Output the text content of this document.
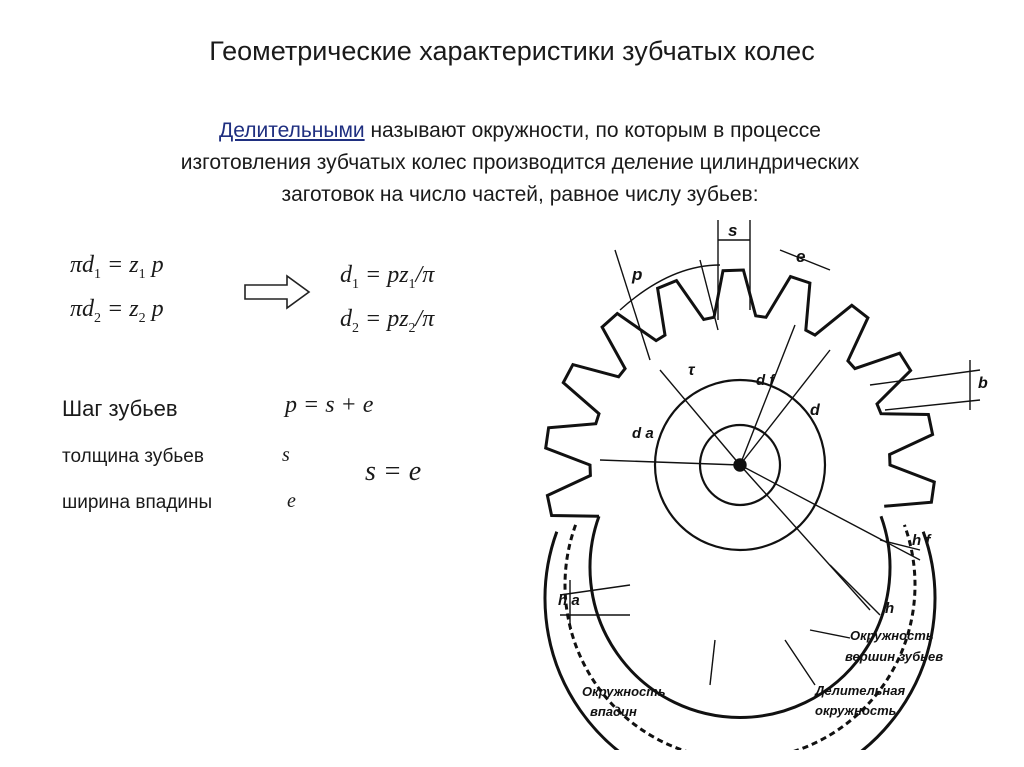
Геометрические характеристики зубчатых колес
Делительными называют окружности, по которым в процессе
изготовления зубчатых колес производится деление цилиндрических
заготовок на число частей, равное числу зубьев:
$\pi d_1 = z_1$ p
$\pi d_2 = z_2$ p
$d_1 = pz_1/\pi$
$d_2 = pz_2/\pi$
Шаг зубьев	p = s + e
толщина зубьев	s
s = e
ширина впадины	e
s
e
p
τ
d f
d
d a
b
h f
h a	h
Окружность
вершин зубьев
Окружность
впадин
Делительная
окружность
